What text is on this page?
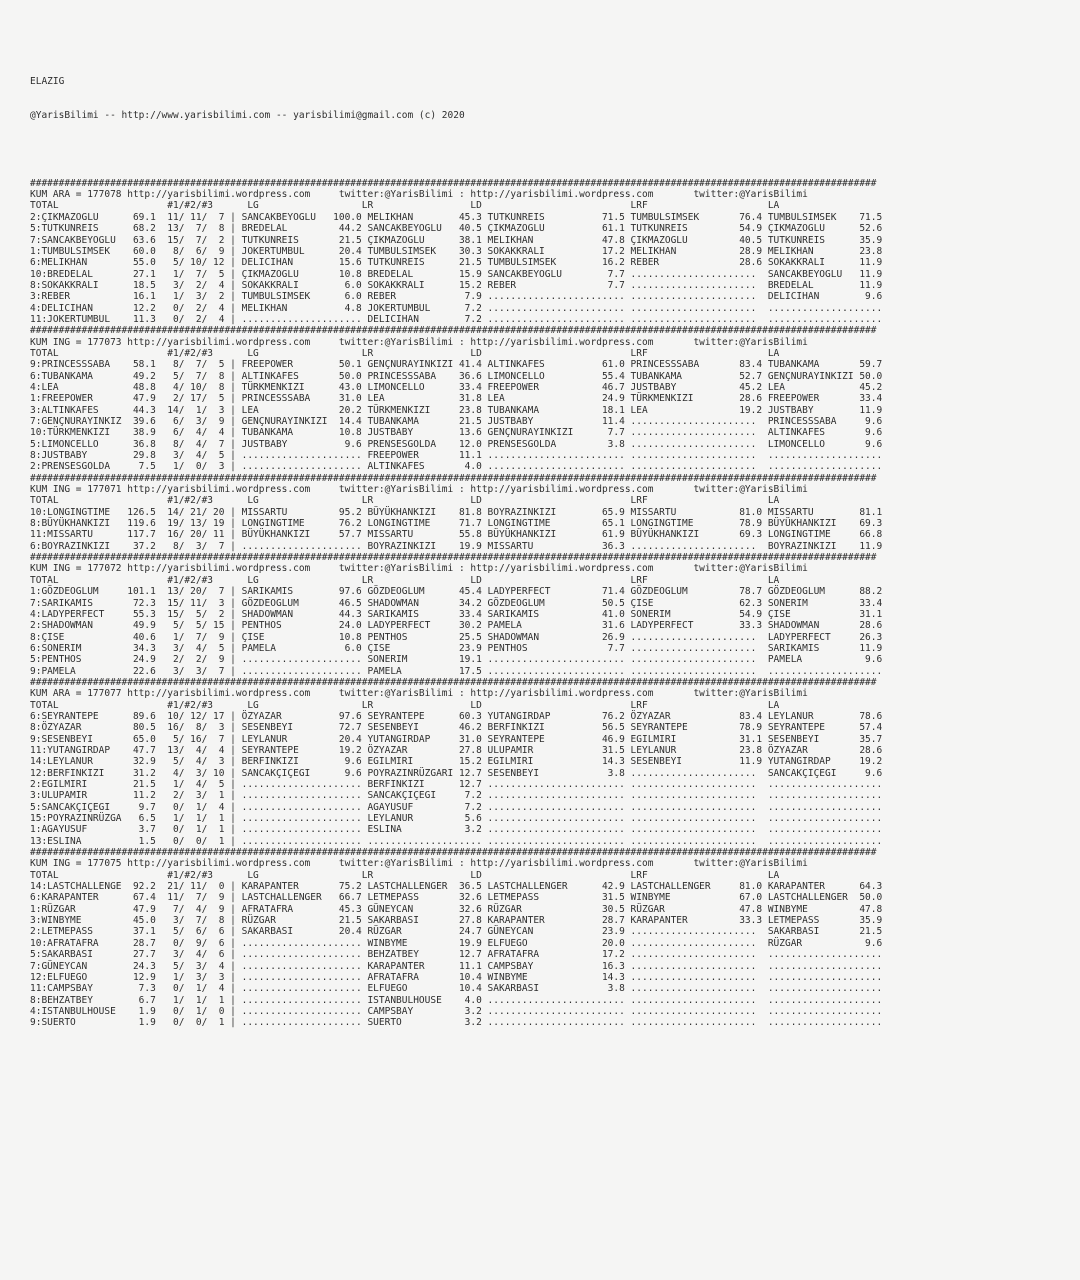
ELAZIG

@YarisBilimi -- http://www.yarisbilimi.com -- yarisbilimi@gmail.com (c) 2020

####################################################################################################################################################
KUM ARA = 177078 http://yarisbilimi.wordpress.com     twitter:@YarisBilimi : http://yarisbilimi.wordpress.com       twitter:@YarisBilimi
TOTAL                   #1/#2/#3      LG                  LR                 LD                          LRF                     LA
2:ÇIKMAZOGLU      69.1  11/ 11/  7 | SANCAKBEYOGLU   100.0 MELIKHAN        45.3 TUTKUNREIS          71.5 TUMBULSIMSEK       76.4 TUMBULSIMSEK    71.5
5:TUTKUNREIS      68.2  13/  7/  8 | BREDELAL         44.2 SANCAKBEYOGLU   40.5 ÇIKMAZOGLU          61.1 TUTKUNREIS         54.9 ÇIKMAZOGLU      52.6
7:SANCAKBEYOGLU   63.6  15/  7/  2 | TUTKUNREIS       21.5 ÇIKMAZOGLU      38.1 MELIKHAN            47.8 ÇIKMAZOGLU         40.5 TUTKUNREIS      35.9
1:TUMBULSIMSEK    60.0   8/  6/  9 | JOKERTUMBUL      20.4 TUMBULSIMSEK    30.3 SOKAKKRALI          17.2 MELIKHAN           28.9 MELIKHAN        23.8
6:MELIKHAN        55.0   5/ 10/ 12 | DELICIHAN        15.6 TUTKUNREIS      21.5 TUMBULSIMSEK        16.2 REBER              28.6 SOKAKKRALI      11.9
10:BREDELAL       27.1   1/  7/  5 | ÇIKMAZOGLU       10.8 BREDELAL        15.9 SANCAKBEYOGLU        7.7 ......................  SANCAKBEYOGLU   11.9
8:SOKAKKRALI      18.5   3/  2/  4 | SOKAKKRALI        6.0 SOKAKKRALI      15.2 REBER                7.7 ......................  BREDELAL        11.9
3:REBER           16.1   1/  3/  2 | TUMBULSIMSEK      6.0 REBER            7.9 ........................ ......................  DELICIHAN        9.6
4:DELICIHAN       12.2   0/  2/  4 | MELIKHAN          4.8 JOKERTUMBUL      7.2 ........................ ......................  ....................
11:JOKERTUMBUL    11.3   0/  2/  4 | ..................... DELICIHAN        7.2 ........................ ......................  ....................
####################################################################################################################################################
KUM ING = 177073 http://yarisbilimi.wordpress.com     twitter:@YarisBilimi : http://yarisbilimi.wordpress.com       twitter:@YarisBilimi
TOTAL                   #1/#2/#3      LG                  LR                 LD                          LRF                     LA
9:PRINCESSSABA    58.1   8/  7/  5 | FREEPOWER        50.1 GENÇNURAYINKIZI 41.4 ALTINKAFES          61.0 PRINCESSSABA       83.4 TUBANKAMA       59.7
6:TUBANKAMA       49.2   5/  7/  8 | ALTINKAFES       50.0 PRINCESSSABA    36.6 LIMONCELLO          55.4 TUBANKAMA          52.7 GENÇNURAYINKIZI 50.0
4:LEA             48.8   4/ 10/  8 | TÜRKMENKIZI      43.0 LIMONCELLO      33.4 FREEPOWER           46.7 JUSTBABY           45.2 LEA             45.2
1:FREEPOWER       47.9   2/ 17/  5 | PRINCESSSABA     31.0 LEA             31.8 LEA                 24.9 TÜRKMENKIZI        28.6 FREEPOWER       33.4
3:ALTINKAFES      44.3  14/  1/  3 | LEA              20.2 TÜRKMENKIZI     23.8 TUBANKAMA           18.1 LEA                19.2 JUSTBABY        11.9
7:GENÇNURAYINKIZ  39.6   6/  3/  9 | GENÇNURAYINKIZI  14.4 TUBANKAMA       21.5 JUSTBABY            11.4 ......................  PRINCESSSABA     9.6
10:TÜRKMENKIZI    38.9   6/  4/  4 | TUBANKAMA        10.8 JUSTBABY        13.6 GENÇNURAYINKIZI      7.7 ......................  ALTINKAFES       9.6
5:LIMONCELLO      36.8   8/  4/  7 | JUSTBABY          9.6 PRENSESGOLDA    12.0 PRENSESGOLDA         3.8 ......................  LIMONCELLO       9.6
8:JUSTBABY        29.8   3/  4/  5 | ..................... FREEPOWER       11.1 ........................ ......................  ....................
2:PRENSESGOLDA     7.5   1/  0/  3 | ..................... ALTINKAFES       4.0 ........................ ......................  ....................
####################################################################################################################################################
KUM ING = 177071 http://yarisbilimi.wordpress.com     twitter:@YarisBilimi : http://yarisbilimi.wordpress.com       twitter:@YarisBilimi
TOTAL                   #1/#2/#3      LG                  LR                 LD                          LRF                     LA
10:LONGINGTIME   126.5  14/ 21/ 20 | MISSARTU         95.2 BÜYÜKHANKIZI    81.8 BOYRAZINKIZI        65.9 MISSARTU           81.0 MISSARTU        81.1
8:BÜYÜKHANKIZI   119.6  19/ 13/ 19 | LONGINGTIME      76.2 LONGINGTIME     71.7 LONGINGTIME         65.1 LONGINGTIME        78.9 BÜYÜKHANKIZI    69.3
11:MISSARTU      117.7  16/ 20/ 11 | BÜYÜKHANKIZI     57.7 MISSARTU        55.8 BÜYÜKHANKIZI        61.9 BÜYÜKHANKIZI       69.3 LONGINGTIME     66.8
6:BOYRAZINKIZI    37.2   8/  3/  7 | ..................... BOYRAZINKIZI    19.9 MISSARTU            36.3 ......................  BOYRAZINKIZI    11.9
####################################################################################################################################################
KUM ING = 177072 http://yarisbilimi.wordpress.com     twitter:@YarisBilimi : http://yarisbilimi.wordpress.com       twitter:@YarisBilimi
TOTAL                   #1/#2/#3      LG                  LR                 LD                          LRF                     LA
1:GÖZDEOGLUM     101.1  13/ 20/  7 | SARIKAMIS        97.6 GÖZDEOGLUM      45.4 LADYPERFECT         71.4 GÖZDEOGLUM         78.7 GÖZDEOGLUM      88.2
7:SARIKAMIS       72.3  15/ 11/  3 | GÖZDEOGLUM       46.5 SHADOWMAN       34.2 GÖZDEOGLUM          50.5 ÇISE               62.3 SONERIM         33.4
4:LADYPERFECT     55.3  15/  5/  2 | SHADOWMAN        44.3 SARIKAMIS       33.4 SARIKAMIS           41.0 SONERIM            54.9 ÇISE            31.1
2:SHADOWMAN       49.9   5/  5/ 15 | PENTHOS          24.0 LADYPERFECT     30.2 PAMELA              31.6 LADYPERFECT        33.3 SHADOWMAN       28.6
8:ÇISE            40.6   1/  7/  9 | ÇISE             10.8 PENTHOS         25.5 SHADOWMAN           26.9 ......................  LADYPERFECT     26.3
6:SONERIM         34.3   3/  4/  5 | PAMELA            6.0 ÇISE            23.9 PENTHOS              7.7 ......................  SARIKAMIS       11.9
5:PENTHOS         24.9   2/  2/  9 | ..................... SONERIM         19.1 ........................ ......................  PAMELA           9.6
9:PAMELA          22.6   3/  3/  7 | ..................... PAMELA          17.5 ........................ ......................  ....................
####################################################################################################################################################
KUM ARA = 177077 http://yarisbilimi.wordpress.com     twitter:@YarisBilimi : http://yarisbilimi.wordpress.com       twitter:@YarisBilimi
TOTAL                   #1/#2/#3      LG                  LR                 LD                          LRF                     LA
6:SEYRANTEPE      89.6  10/ 12/ 17 | ÖZYAZAR          97.6 SEYRANTEPE      60.3 YUTANGIRDAP         76.2 ÖZYAZAR            83.4 LEYLANUR        78.6
8:ÖZYAZAR         80.5  16/  8/  3 | SESENBEYI        72.7 SESENBEYI       46.2 BERFINKIZI          56.5 SEYRANTEPE         78.9 SEYRANTEPE      57.4
9:SESENBEYI       65.0   5/ 16/  7 | LEYLANUR         20.4 YUTANGIRDAP     31.0 SEYRANTEPE          46.9 EGILMIRI           31.1 SESENBEYI       35.7
11:YUTANGIRDAP    47.7  13/  4/  4 | SEYRANTEPE       19.2 ÖZYAZAR         27.8 ULUPAMIR            31.5 LEYLANUR           23.8 ÖZYAZAR         28.6
14:LEYLANUR       32.9   5/  4/  3 | BERFINKIZI        9.6 EGILMIRI        15.2 EGILMIRI            14.3 SESENBEYI          11.9 YUTANGIRDAP     19.2
12:BERFINKIZI     31.2   4/  3/ 10 | SANCAKÇIÇEGI      9.6 POYRAZINRÜZGARI 12.7 SESENBEYI            3.8 ......................  SANCAKÇIÇEGI     9.6
2:EGILMIRI        21.5   1/  4/  5 | ..................... BERFINKIZI      12.7 ........................ ......................  ....................
3:ULUPAMIR        11.2   2/  3/  1 | ..................... SANCAKÇIÇEGI     7.2 ........................ ......................  ....................
5:SANCAKÇIÇEGI     9.7   0/  1/  4 | ..................... AGAYUSUF         7.2 ........................ ......................  ....................
15:POYRAZINRÜZGA   6.5   1/  1/  1 | ..................... LEYLANUR         5.6 ........................ ......................  ....................
1:AGAYUSUF         3.7   0/  1/  1 | ..................... ESLINA           3.2 ........................ ......................  ....................
13:ESLINA          1.5   0/  0/  1 | ..................... .................... ........................ ......................  ....................
####################################################################################################################################################
KUM ING = 177075 http://yarisbilimi.wordpress.com     twitter:@YarisBilimi : http://yarisbilimi.wordpress.com       twitter:@YarisBilimi
TOTAL                   #1/#2/#3      LG                  LR                 LD                          LRF                     LA
14:LASTCHALLENGE  92.2  21/ 11/  0 | KARAPANTER       75.2 LASTCHALLENGER  36.5 LASTCHALLENGER      42.9 LASTCHALLENGER     81.0 KARAPANTER      64.3
6:KARAPANTER      67.4  11/  7/  9 | LASTCHALLENGER   66.7 LETMEPASS       32.6 LETMEPASS           31.5 WINBYME            67.0 LASTCHALLENGER  50.0
1:RÜZGAR          47.9   7/  4/  9 | AFRATAFRA        45.3 GÜNEYCAN        32.6 RÜZGAR              30.5 RÜZGAR             47.8 WINBYME         47.8
3:WINBYME         45.0   3/  7/  8 | RÜZGAR           21.5 SAKARBASI       27.8 KARAPANTER          28.7 KARAPANTER         33.3 LETMEPASS       35.9
2:LETMEPASS       37.1   5/  6/  6 | SAKARBASI        20.4 RÜZGAR          24.7 GÜNEYCAN            23.9 ......................  SAKARBASI       21.5
10:AFRATAFRA      28.7   0/  9/  6 | ..................... WINBYME         19.9 ELFUEGO             20.0 ......................  RÜZGAR           9.6
5:SAKARBASI       27.7   3/  4/  6 | ..................... BEHZATBEY       12.7 AFRATAFRA           17.2 ......................  ....................
7:GÜNEYCAN        24.3   5/  3/  4 | ..................... KARAPANTER      11.1 CAMPSBAY            16.3 ......................  ....................
12:ELFUEGO        12.9   1/  3/  3 | ..................... AFRATAFRA       10.4 WINBYME             14.3 ......................  ....................
11:CAMPSBAY        7.3   0/  1/  4 | ..................... ELFUEGO         10.4 SAKARBASI            3.8 ......................  ....................
8:BEHZATBEY        6.7   1/  1/  1 | ..................... ISTANBULHOUSE    4.0 ........................ ......................  ....................
4:ISTANBULHOUSE    1.9   0/  1/  0 | ..................... CAMPSBAY         3.2 ........................ ......................  ....................
9:SUERTO           1.9   0/  0/  1 | ..................... SUERTO           3.2 ........................ ......................  ....................
